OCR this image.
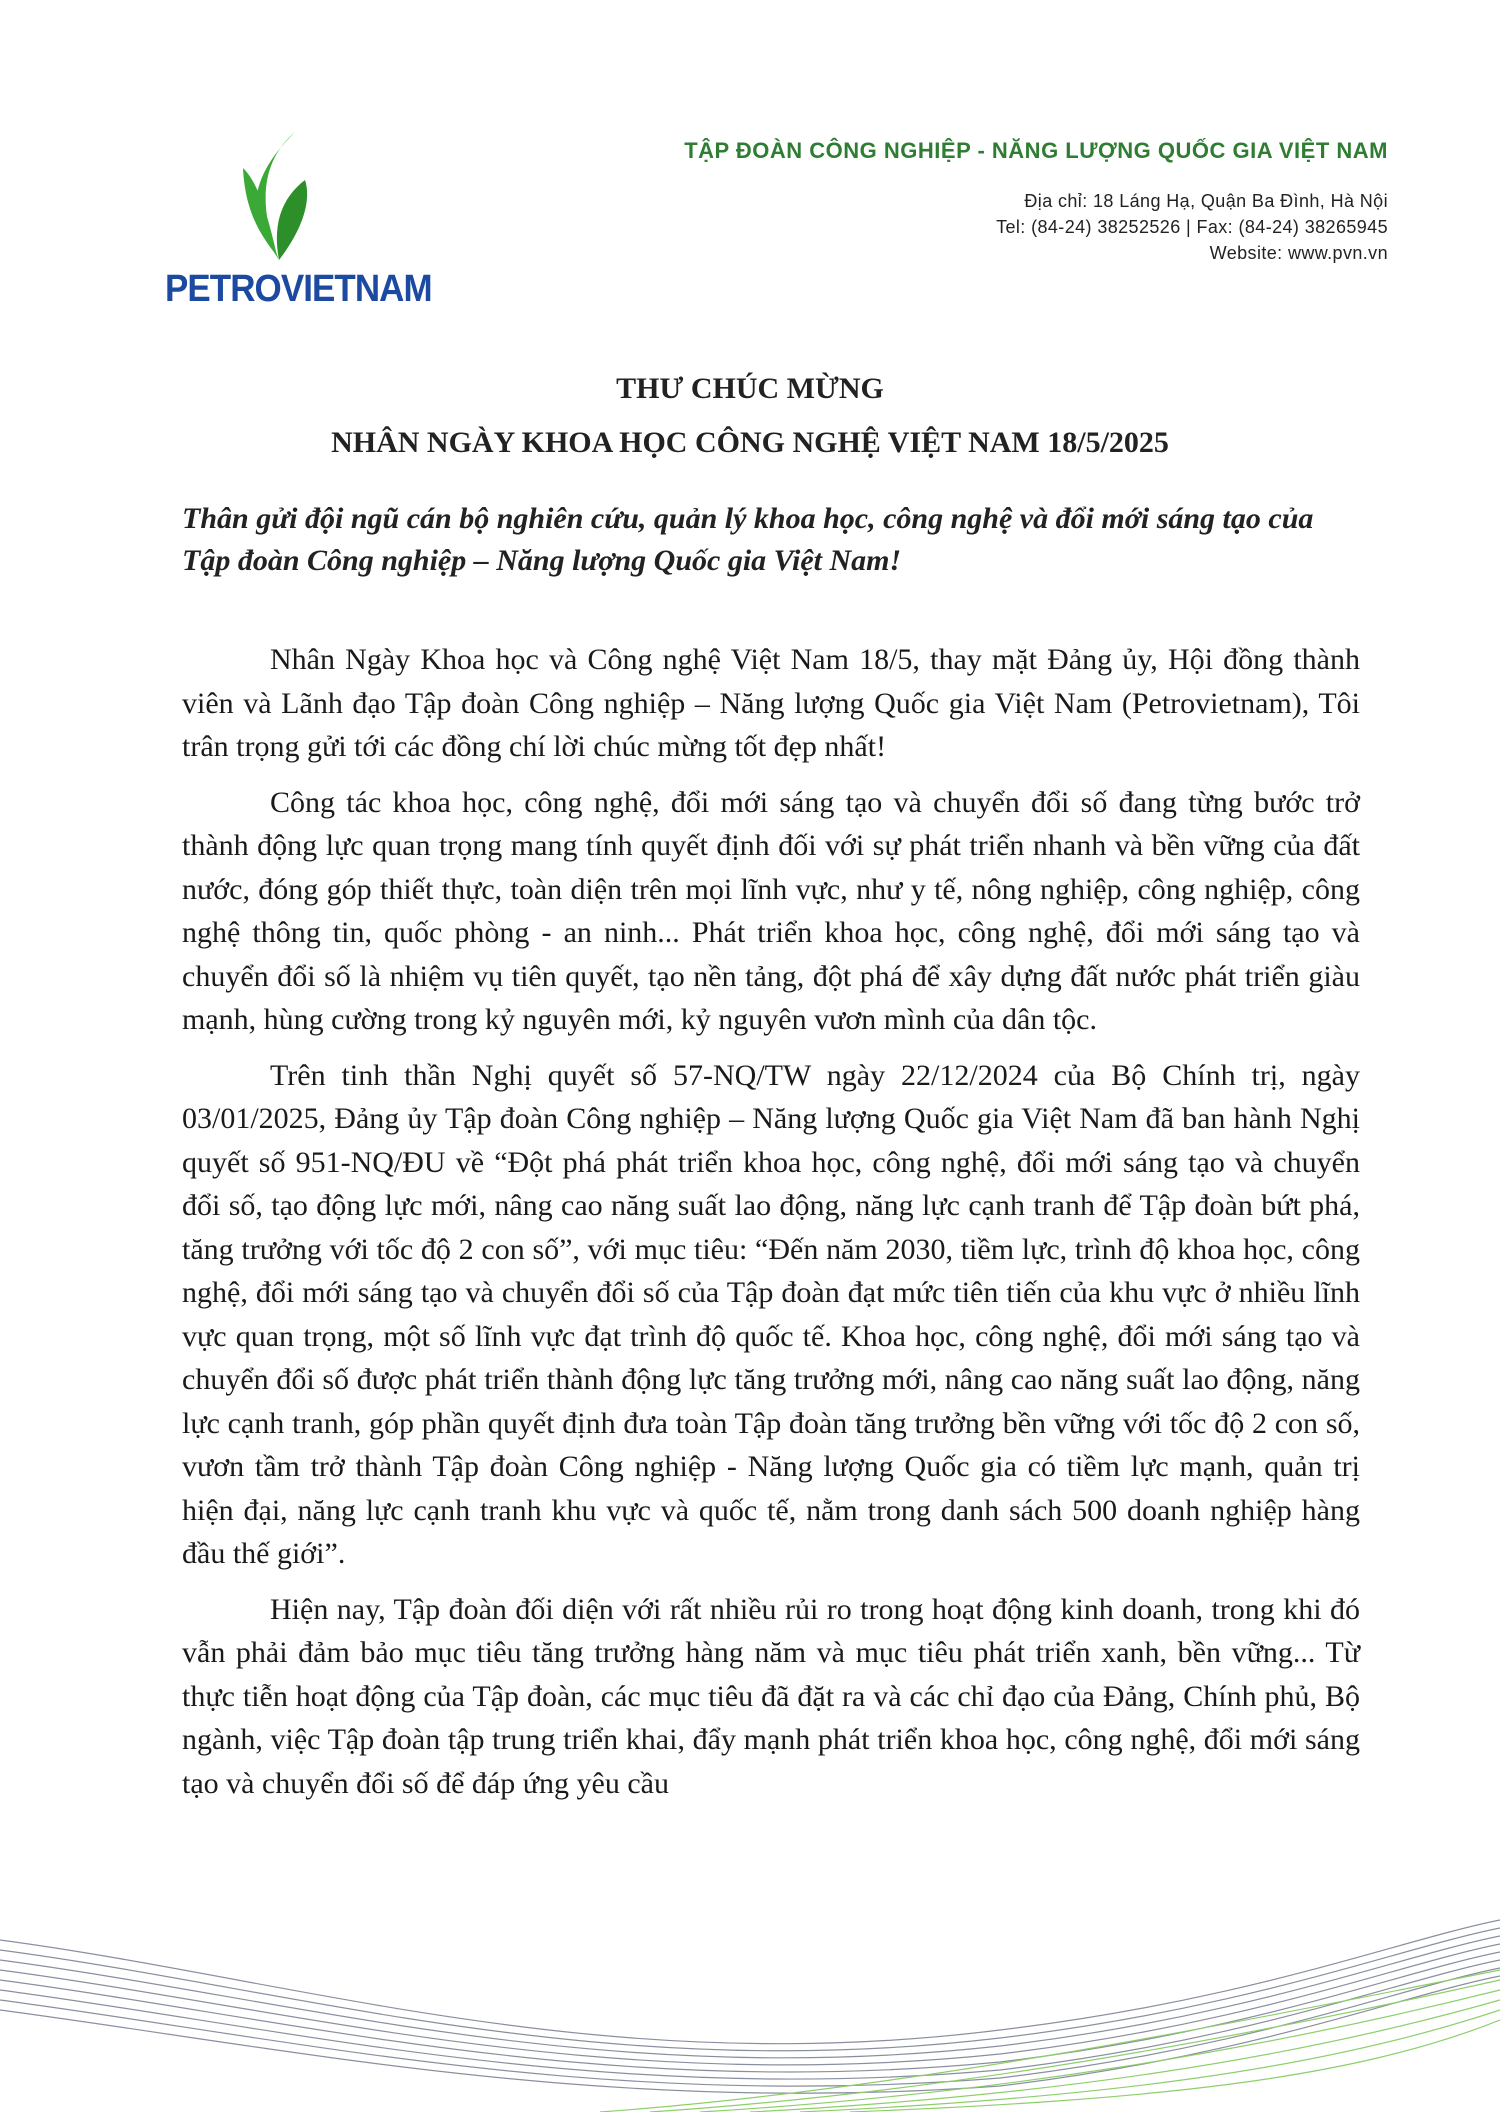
PETROVIETNAM
TẬP ĐOÀN CÔNG NGHIỆP - NĂNG LƯỢNG QUỐC GIA VIỆT NAM
Địa chỉ: 18 Láng Hạ, Quận Ba Đình, Hà Nội
Tel: (84-24) 38252526 | Fax: (84-24) 38265945
Website: www.pvn.vn
THƯ CHÚC MỪNG
NHÂN NGÀY KHOA HỌC CÔNG NGHỆ VIỆT NAM 18/5/2025
Thân gửi đội ngũ cán bộ nghiên cứu, quản lý khoa học, công nghệ và đổi mới sáng tạo của Tập đoàn Công nghiệp – Năng lượng Quốc gia Việt Nam!

Nhân Ngày Khoa học và Công nghệ Việt Nam 18/5, thay mặt Đảng ủy, Hội đồng thành viên và Lãnh đạo Tập đoàn Công nghiệp – Năng lượng Quốc gia Việt Nam (Petrovietnam), Tôi trân trọng gửi tới các đồng chí lời chúc mừng tốt đẹp nhất!

Công tác khoa học, công nghệ, đổi mới sáng tạo và chuyển đổi số đang từng bước trở thành động lực quan trọng mang tính quyết định đối với sự phát triển nhanh và bền vững của đất nước, đóng góp thiết thực, toàn diện trên mọi lĩnh vực, như y tế, nông nghiệp, công nghiệp, công nghệ thông tin, quốc phòng - an ninh... Phát triển khoa học, công nghệ, đổi mới sáng tạo và chuyển đổi số là nhiệm vụ tiên quyết, tạo nền tảng, đột phá để xây dựng đất nước phát triển giàu mạnh, hùng cường trong kỷ nguyên mới, kỷ nguyên vươn mình của dân tộc.

Trên tinh thần Nghị quyết số 57-NQ/TW ngày 22/12/2024 của Bộ Chính trị, ngày 03/01/2025, Đảng ủy Tập đoàn Công nghiệp – Năng lượng Quốc gia Việt Nam đã ban hành Nghị quyết số 951-NQ/ĐU về “Đột phá phát triển khoa học, công nghệ, đổi mới sáng tạo và chuyển đổi số, tạo động lực mới, nâng cao năng suất lao động, năng lực cạnh tranh để Tập đoàn bứt phá, tăng trưởng với tốc độ 2 con số”, với mục tiêu: “Đến năm 2030, tiềm lực, trình độ khoa học, công nghệ, đổi mới sáng tạo và chuyển đổi số của Tập đoàn đạt mức tiên tiến của khu vực ở nhiều lĩnh vực quan trọng, một số lĩnh vực đạt trình độ quốc tế. Khoa học, công nghệ, đổi mới sáng tạo và chuyển đổi số được phát triển thành động lực tăng trưởng mới, nâng cao năng suất lao động, năng lực cạnh tranh, góp phần quyết định đưa toàn Tập đoàn tăng trưởng bền vững với tốc độ 2 con số, vươn tầm trở thành Tập đoàn Công nghiệp - Năng lượng Quốc gia có tiềm lực mạnh, quản trị hiện đại, năng lực cạnh tranh khu vực và quốc tế, nằm trong danh sách 500 doanh nghiệp hàng đầu thế giới”.

Hiện nay, Tập đoàn đối diện với rất nhiều rủi ro trong hoạt động kinh doanh, trong khi đó vẫn phải đảm bảo mục tiêu tăng trưởng hàng năm và mục tiêu phát triển xanh, bền vững... Từ thực tiễn hoạt động của Tập đoàn, các mục tiêu đã đặt ra và các chỉ đạo của Đảng, Chính phủ, Bộ ngành, việc Tập đoàn tập trung triển khai, đẩy mạnh phát triển khoa học, công nghệ, đổi mới sáng tạo và chuyển đổi số để đáp ứng yêu cầu
